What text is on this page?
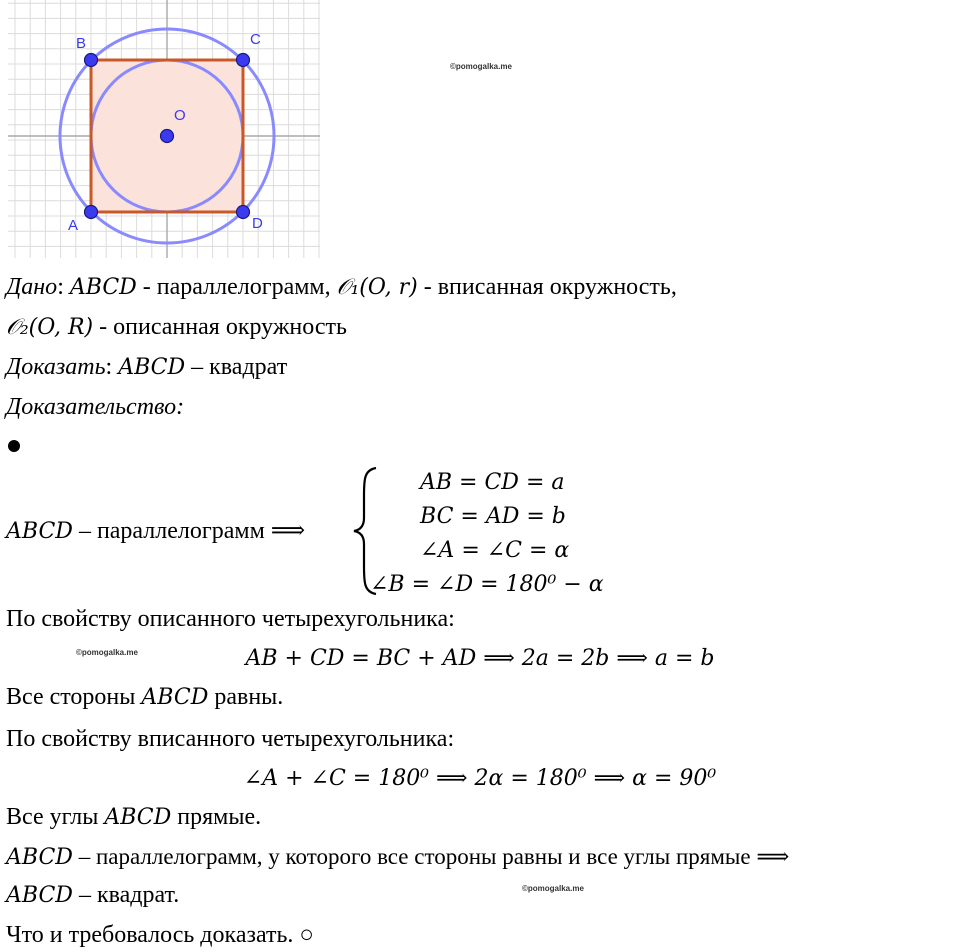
B	C
O
A	D
©pomogalka.me
©pomogalka.me
©pomogalka.me
Дано: ABCD - параллелограмм, 𝒪₁(O, r) - вписанная окружность,
𝒪₂(O, R) - описанная окружность
Доказать: ABCD – квадрат
Доказательство:
ABCD – параллелограмм ⟹
AB = CD = a
BC = AD = b
∠A = ∠C = α
∠B = ∠D = 180⁰ − α
По свойству описанного четырехугольника:
AB + CD = BC + AD ⟹ 2a = 2b ⟹ a = b
Все стороны ABCD равны.
По свойству вписанного четырехугольника:
∠A + ∠C = 180⁰ ⟹ 2α = 180⁰ ⟹ α = 90⁰
Все углы ABCD прямые.
ABCD – параллелограмм, у которого все стороны равны и все углы прямые ⟹
ABCD – квадрат.
Что и требовалось доказать. ○
